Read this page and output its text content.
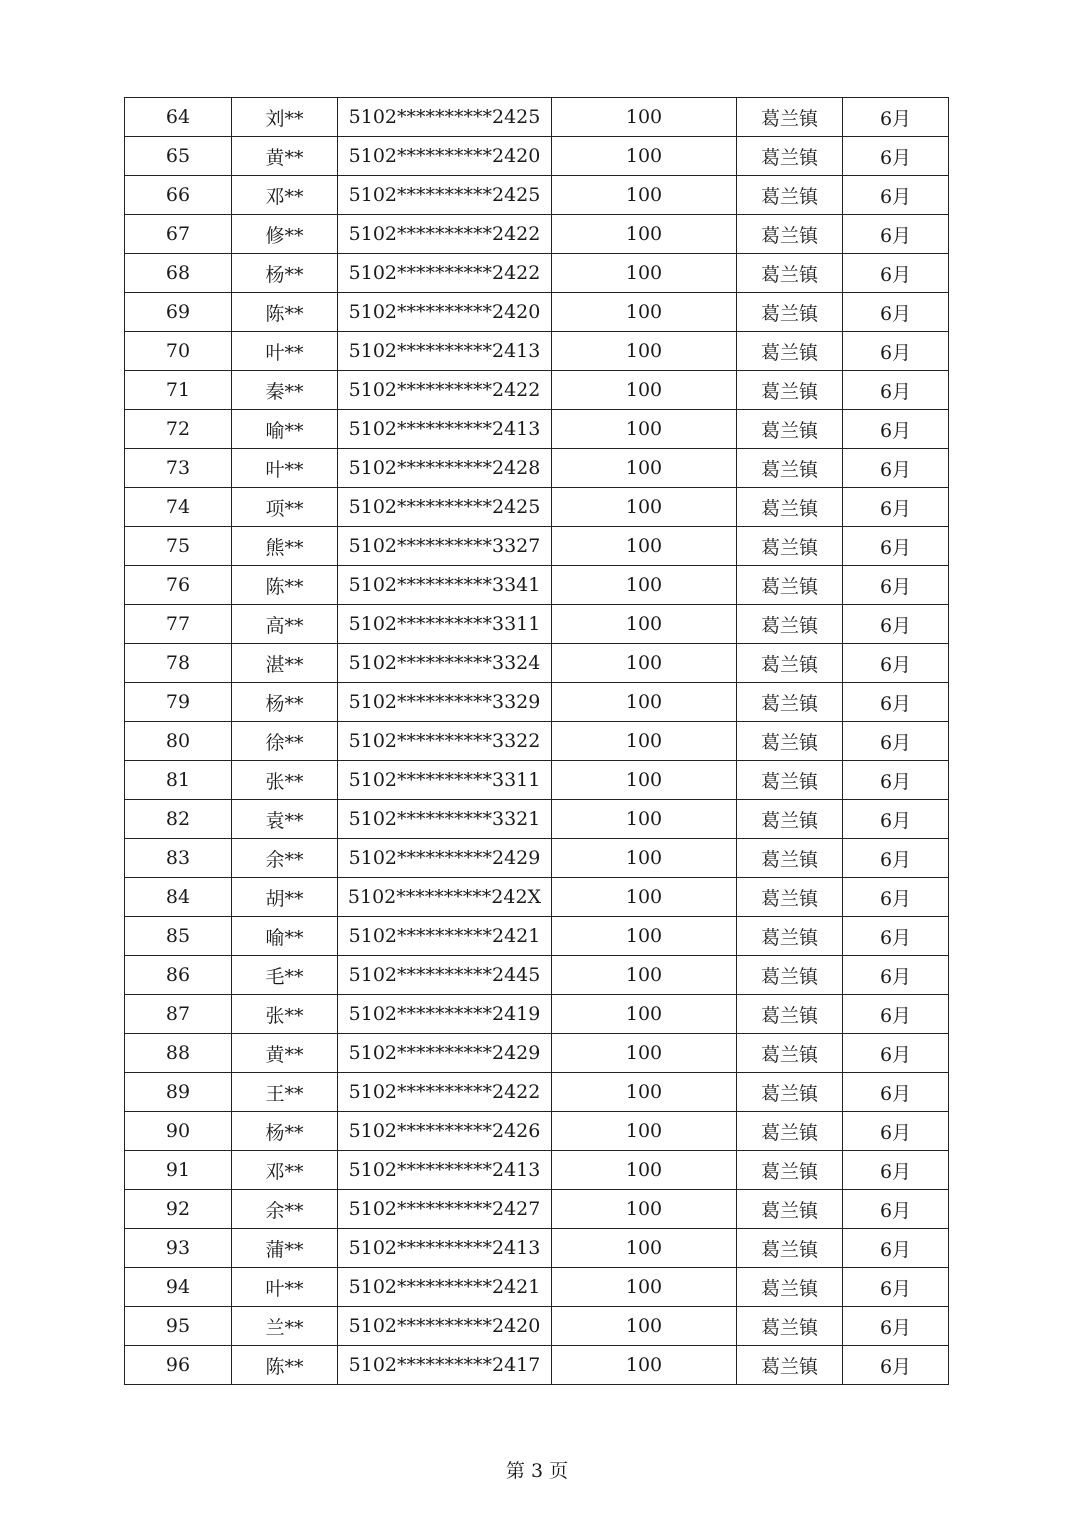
64	刘**	5102**********2425	100	葛兰镇	6月
65	黄**	5102**********2420	100	葛兰镇	6月
66	邓**	5102**********2425	100	葛兰镇	6月
67	修**	5102**********2422	100	葛兰镇	6月
68	杨**	5102**********2422	100	葛兰镇	6月
69	陈**	5102**********2420	100	葛兰镇	6月
70	叶**	5102**********2413	100	葛兰镇	6月
71	秦**	5102**********2422	100	葛兰镇	6月
72	喻**	5102**********2413	100	葛兰镇	6月
73	叶**	5102**********2428	100	葛兰镇	6月
74	项**	5102**********2425	100	葛兰镇	6月
75	熊**	5102**********3327	100	葛兰镇	6月
76	陈**	5102**********3341	100	葛兰镇	6月
77	高**	5102**********3311	100	葛兰镇	6月
78	湛**	5102**********3324	100	葛兰镇	6月
79	杨**	5102**********3329	100	葛兰镇	6月
80	徐**	5102**********3322	100	葛兰镇	6月
81	张**	5102**********3311	100	葛兰镇	6月
82	袁**	5102**********3321	100	葛兰镇	6月
83	余**	5102**********2429	100	葛兰镇	6月
84	胡**	5102**********242X	100	葛兰镇	6月
85	喻**	5102**********2421	100	葛兰镇	6月
86	毛**	5102**********2445	100	葛兰镇	6月
87	张**	5102**********2419	100	葛兰镇	6月
88	黄**	5102**********2429	100	葛兰镇	6月
89	王**	5102**********2422	100	葛兰镇	6月
90	杨**	5102**********2426	100	葛兰镇	6月
91	邓**	5102**********2413	100	葛兰镇	6月
92	余**	5102**********2427	100	葛兰镇	6月
93	蒲**	5102**********2413	100	葛兰镇	6月
94	叶**	5102**********2421	100	葛兰镇	6月
95	兰**	5102**********2420	100	葛兰镇	6月
96	陈**	5102**********2417	100	葛兰镇	6月
第 3 页
